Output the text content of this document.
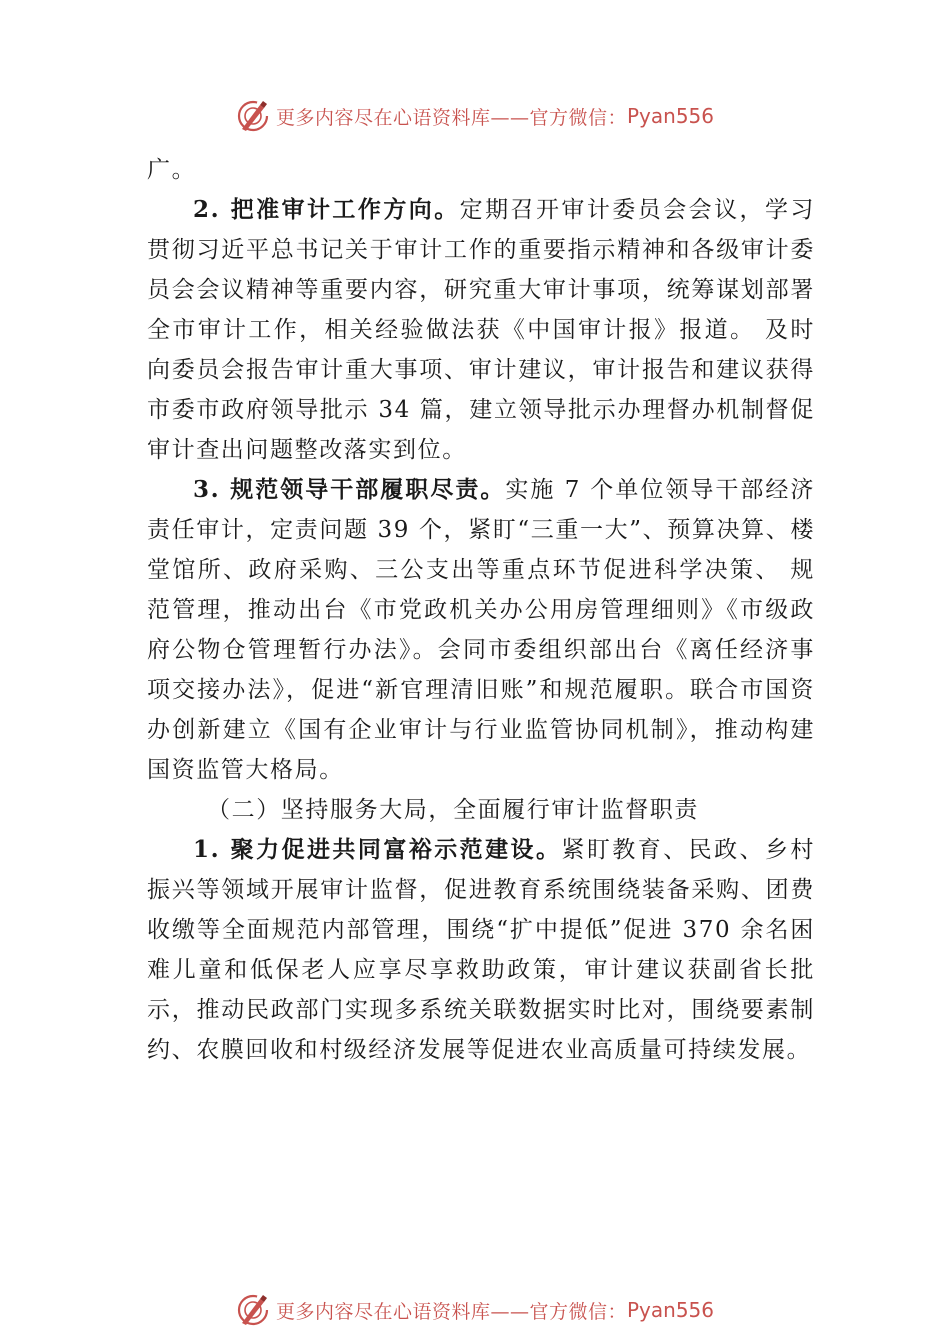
更多内容尽在心语资料库——官方微信： Pyan556

广。

2. 把准审计工作方向。定期召开审计委员会会议，学习贯彻习近平总书记关于审计工作的重要指示精神和各级审计委员会会议精神等重要内容，研究重大审计事项，统筹谋划部署全市审计工作，相关经验做法获《中国审计报》报道。 及时向委员会报告审计重大事项、审计建议，审计报告和建议获得市委市政府领导批示 34 篇，建立领导批示办理督办机制督促审计查出问题整改落实到位。

3. 规范领导干部履职尽责。实施 7 个单位领导干部经济责任审计，定责问题 39 个，紧盯“三重一大”、预算决算、楼堂馆所、政府采购、三公支出等重点环节促进科学决策、 规范管理，推动出台《市党政机关办公用房管理细则》《市级政府公物仓管理暂行办法》。会同市委组织部出台《离任经济事项交接办法》，促进“新官理清旧账”和规范履职。联合市国资办创新建立《国有企业审计与行业监管协同机制》，推动构建国资监管大格局。

（二）坚持服务大局，全面履行审计监督职责

1. 聚力促进共同富裕示范建设。紧盯教育、民政、乡村振兴等领域开展审计监督，促进教育系统围绕装备采购、团费收缴等全面规范内部管理，围绕“扩中提低”促进 370 余名困难儿童和低保老人应享尽享救助政策，审计建议获副省长批示，推动民政部门实现多系统关联数据实时比对，围绕要素制约、农膜回收和村级经济发展等促进农业高质量可持续发展。

更多内容尽在心语资料库——官方微信： Pyan556
